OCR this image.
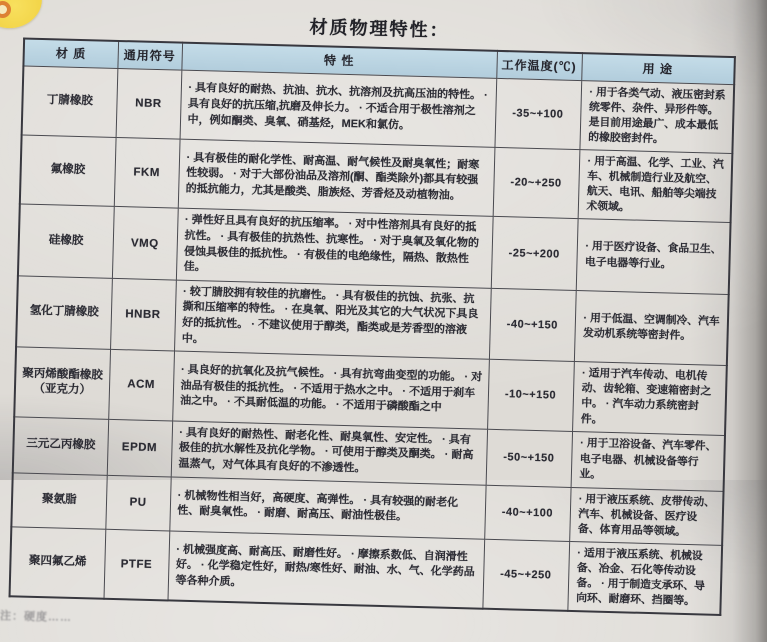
材质物理特性：
材 质	通用符号	特 性	工作温度(℃)	用 途
丁腈橡胶	NBR	· 具有良好的耐热、抗油、抗水、抗溶剂及抗高压油的特性。 · 具有良好的抗压缩,抗磨及伸长力。 · 不适合用于极性溶剂之中，例如酮类、臭氧、硝基烃，MEK和氯仿。	-35~+100	· 用于各类气动、液压密封系统零件、杂件、异形件等。是目前用途最广、成本最低的橡胶密封件。
氟橡胶	FKM	· 具有极佳的耐化学性、耐高温、耐气候性及耐臭氧性；耐寒性较弱。 · 对于大部份油品及溶剂(酮、酯类除外)都具有较强的抵抗能力，尤其是酸类、脂族烃、芳香烃及动植物油。	-20~+250	· 用于高温、化学、工业、汽车、机械制造行业及航空、航天、电讯、船舶等尖端技术领域。
硅橡胶	VMQ	· 弹性好且具有良好的抗压缩率。 · 对中性溶剂具有良好的抵抗性。 · 具有极佳的抗热性、抗寒性。 · 对于臭氧及氧化物的侵蚀具极佳的抵抗性。 · 有极佳的电绝缘性，隔热、散热性佳。	-25~+200	· 用于医疗设备、食品卫生、电子电器等行业。
氢化丁腈橡胶	HNBR	· 较丁腈胶拥有较佳的抗磨性。 · 具有极佳的抗蚀、抗张、抗撕和压缩率的特性。 · 在臭氧、阳光及其它的大气状况下具良好的抵抗性。 · 不建议使用于醇类，酯类或是芳香型的溶液中。	-40~+150	· 用于低温、空调制冷、汽车发动机系统等密封件。
聚丙烯酸酯橡胶（亚克力）	ACM	· 具良好的抗氧化及抗气候性。 · 具有抗弯曲变型的功能。 · 对油品有极佳的抵抗性。 · 不适用于热水之中。 · 不适用于刹车油之中。 · 不具耐低温的功能。 · 不适用于磷酸酯之中	-10~+150	· 适用于汽车传动、电机传动、齿轮箱、变速箱密封之中。 · 汽车动力系统密封件。
三元乙丙橡胶	EPDM	· 具有良好的耐热性、耐老化性、耐臭氧性、安定性。 · 具有极佳的抗水解性及抗化学物。 · 可使用于醇类及酮类。 · 耐高温蒸气，对气体具有良好的不渗透性。	-50~+150	· 用于卫浴设备、汽车零件、电子电器、机械设备等行业。
聚氨脂	PU	· 机械物性相当好，高硬度、高弹性。 · 具有较强的耐老化性、耐臭氧性。 · 耐磨、耐高压、耐油性极佳。	-40~+100	· 用于液压系统、皮带传动、汽车、机械设备、医疗设备、体育用品等领域。
聚四氟乙烯	PTFE	· 机械强度高、耐高压、耐磨性好。 · 摩擦系数低、自润滑性好。 · 化学稳定性好，耐热/寒性好、耐油、水、气、化学药品等各种介质。	-45~+250	· 适用于液压系统、机械设备、冶金、石化等传动设备。 · 用于制造支承环、导向环、耐磨环、挡圈等。
注：硬度……
